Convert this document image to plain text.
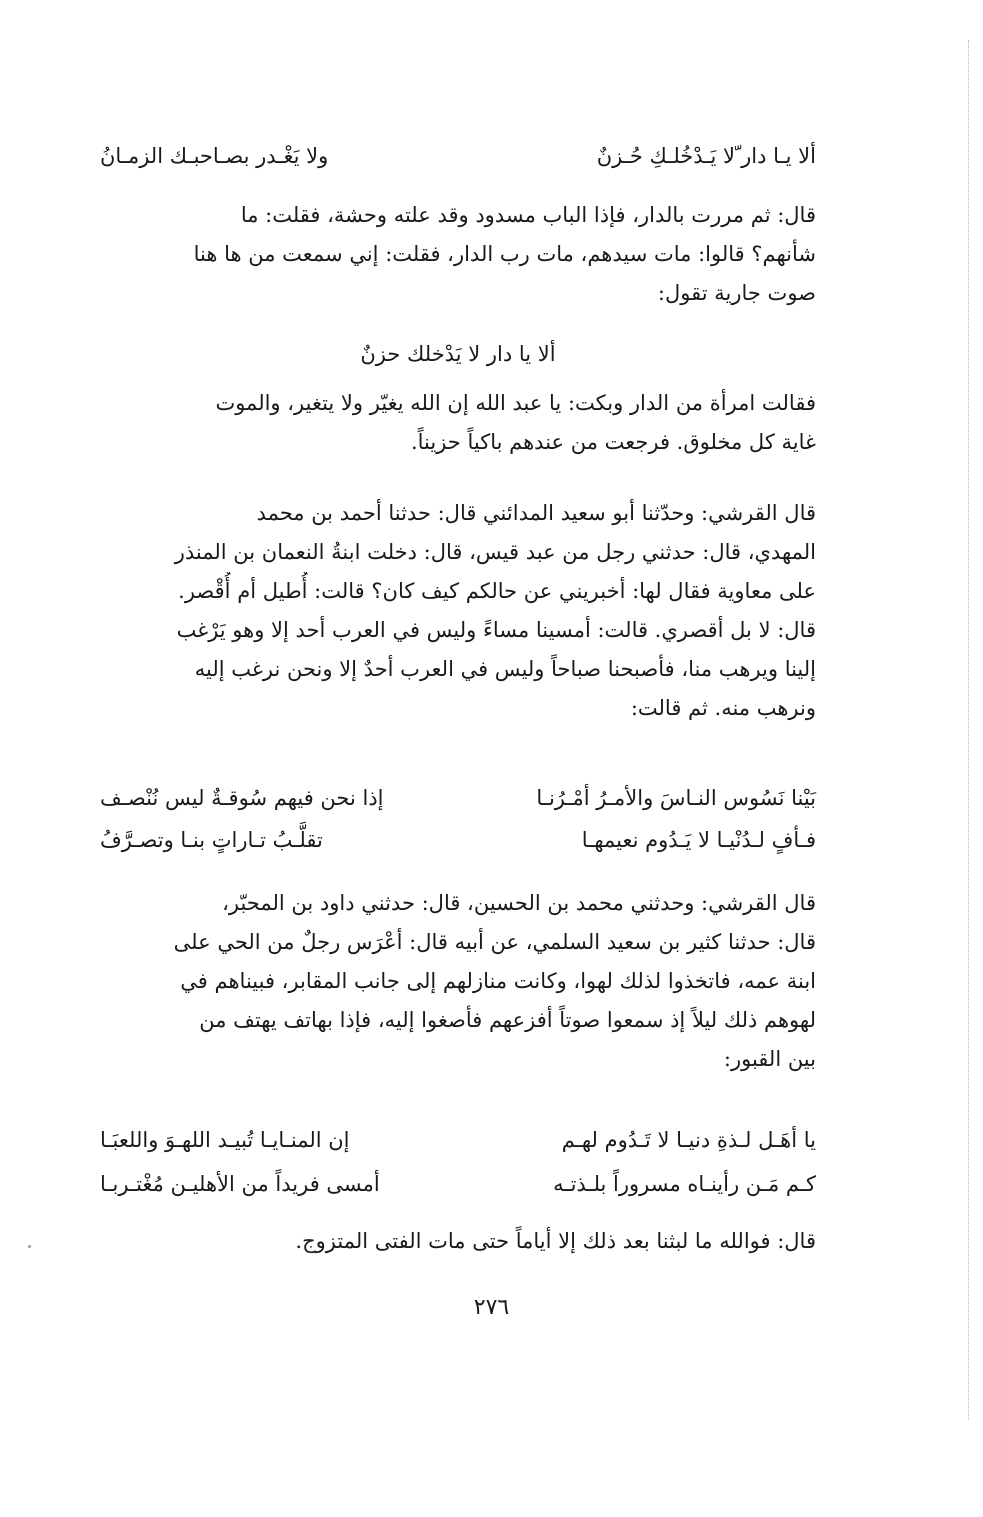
ألا يـا دار ّلا يَـدْخُلـكِ حُـزنٌ
ولا يَغْـدر بصـاحبـك الزمـانُ
قال: ثم مررت بالدار، فإذا الباب مسدود وقد علته وحشة، فقلت: ما
شأنهم؟ قالوا: مات سيدهم، مات رب الدار، فقلت: إني سمعت من ها هنا
صوت جارية تقول:
ألا يا دار لا يَدْخلك حزنٌ
فقالت امرأة من الدار وبكت: يا عبد الله إن الله يغيّر ولا يتغير، والموت
غاية كل مخلوق. فرجعت من عندهم باكياً حزيناً.
قال القرشي: وحدّثنا أبو سعيد المدائني قال: حدثنا أحمد بن محمد
المهدي، قال: حدثني رجل من عبد قيس، قال: دخلت ابنةُ النعمان بن المنذر
على معاوية فقال لها: أخبريني عن حالكم كيف كان؟ قالت: أُطيل أم أُقْصر.
قال: لا بل أقصري. قالت: أمسينا مساءً وليس في العرب أحد إلا وهو يَرْغب
إلينا ويرهب منا، فأصبحنا صباحاً وليس في العرب أحدٌ إلا ونحن نرغب إليه
ونرهب منه. ثم قالت:
بَيْنا نَسُوس النـاسَ والأمـرُ أمْـرُنـا
إذا نحن فيهم سُوقـةٌ ليس نُنْصـف
فـأفٍ لـدُنْيـا لا يَـدُوم نعيمهـا
تقلَّـبُ تـاراتٍ بنـا وتصـرَّفُ
قال القرشي: وحدثني محمد بن الحسين، قال: حدثني داود بن المحبّر،
قال: حدثنا كثير بن سعيد السلمي، عن أبيه قال: أعْرَس رجلٌ من الحي على
ابنة عمه، فاتخذوا لذلك لهوا، وكانت منازلهم إلى جانب المقابر، فبيناهم في
لهوهم ذلك ليلاً إذ سمعوا صوتاً أفزعهم فأصغوا إليه، فإذا بهاتف يهتف من
بين القبور:
يا أهَـل لـذةِ دنيـا لا تَـدُوم لهـم
إن المنـايـا تُبيـد اللهـوَ واللعبَـا
كـم مَـن رأينـاه مسروراً بلـذتـه
أمسى فريداً من الأهليـن مُغْتـربـا
قال: فوالله ما لبثنا بعد ذلك إلا أياماً حتى مات الفتى المتزوج.
٢٧٦
